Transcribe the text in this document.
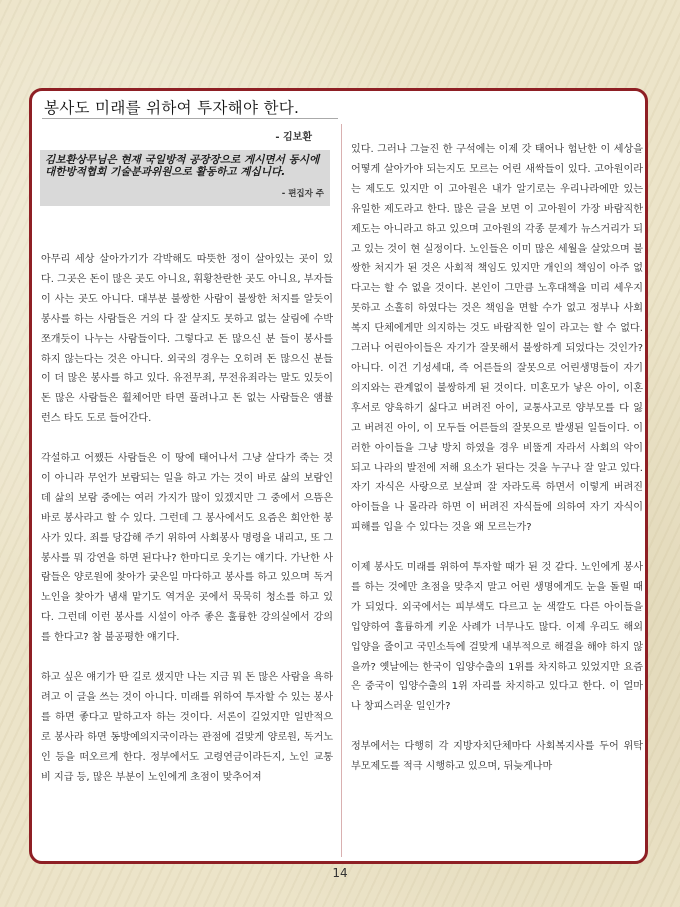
봉사도 미래를 위하여 투자해야 한다.
- 김보환
김보환상무님은 현재 국일방적 공장장으로 게시면서 동시에 대한방적협회 기술분과위원으로 활동하고 계십니다.
- 편집자 주

아무리 세상 살아가기가 각박해도 따뜻한 정이 살아있는 곳이 있다. 그곳은 돈이 많은 곳도 아니요, 휘황찬란한 곳도 아니요, 부자들이 사는 곳도 아니다. 대부분 불쌍한 사람이 불쌍한 처지를 알듯이 봉사를 하는 사람들은 거의 다 잘 살지도 못하고 없는 살림에 수박 쪼개듯이 나누는 사람들이다. 그렇다고 돈 많으신 분 들이 봉사를 하지 않는다는 것은 아니다. 외국의 경우는 오히려 돈 많으신 분들이 더 많은 봉사를 하고 있다. 유전무죄, 무전유죄라는 말도 있듯이 돈 많은 사람들은 휠체어만 타면 풀려나고 돈 없는 사람들은 앰뷸런스 타도 도로 들어간다.

각설하고 어쨌든 사람들은 이 땅에 태어나서 그냥 살다가 죽는 것이 아니라 무언가 보람되는 일을 하고 가는 것이 바로 삶의 보람인데 삶의 보람 중에는 여러 가지가 많이 있겠지만 그 중에서 으뜸은 바로 봉사라고 할 수 있다. 그런데 그 봉사에서도 요즘은 희안한 봉사가 있다. 죄를 당갑해 주기 위하여 사회봉사 명령을 내리고, 또 그 봉사를 뭐 강연을 하면 된다나? 한마디로 웃기는 얘기다. 가난한 사람들은 양로원에 찾아가 궂은일 마다하고 봉사를 하고 있으며 독거노인을 찾아가 냄새 맡기도 역겨운 곳에서 묵묵히 청소를 하고 있다. 그런데 이런 봉사를 시설이 아주 좋은 훌륭한 강의실에서 강의를 한다고? 참 불공평한 얘기다.

하고 싶은 얘기가 딴 길로 샜지만 나는 지금 뭐 돈 많은 사람을 욕하려고 이 글을 쓰는 것이 아니다. 미래를 위하여 투자할 수 있는 봉사를 하면 좋다고 말하고자 하는 것이다. 서론이 길었지만 일반적으로 봉사라 하면 동방예의지국이라는 관점에 걸맞게 양로원, 독거노인 등을 떠오르게 한다. 정부에서도 고령연금이라든지, 노인 교통비 지급 등, 많은 부분이 노인에게 초점이 맞추어져

있다. 그러나 그늘진 한 구석에는 이제 갓 태어나 험난한 이 세상을 어떻게 살아가야 되는지도 모르는 어린 새싹들이 있다. 고아원이라는 제도도 있지만 이 고아원은 내가 알기로는 우리나라에만 있는 유일한 제도라고 한다. 많은 글을 보면 이 고아원이 가장 바람직한 제도는 아니라고 하고 있으며 고아원의 각종 문제가 뉴스거리가 되고 있는 것이 현 실정이다. 노인들은 이미 많은 세월을 살았으며 불쌍한 처지가 된 것은 사회적 책임도 있지만 개인의 책임이 아주 없다고는 할 수 없을 것이다. 본인이 그만큼 노후대책을 미리 세우지 못하고 소홀히 하였다는 것은 책임을 면할 수가 없고 정부나 사회복지 단체에게만 의지하는 것도 바람직한 일이 라고는 할 수 없다. 그러나 어린아이들은 자기가 잘못해서 불쌍하게 되었다는 것인가? 아니다. 이건 기성세대, 즉 어른들의 잘못으로 어린생명들이 자기 의지와는 관계없이 불쌍하게 된 것이다. 미혼모가 낳은 아이, 이혼 후서로 양육하기 싫다고 버려진 아이, 교통사고로 양부모를 다 잃고 버려진 아이, 이 모두들 어른들의 잘못으로 발생된 일들이다. 이러한 아이들을 그냥 방치 하였을 경우 비뚤게 자라서 사회의 악이 되고 나라의 발전에 저해 요소가 된다는 것을 누구나 잘 알고 있다. 자기 자식은 사랑으로 보살펴 잘 자라도록 하면서 이렇게 버려진 아이들을 나 몰라라 하면 이 버려진 자식들에 의하여 자기 자식이 피해를 입을 수 있다는 것을 왜 모르는가?

이제 봉사도 미래를 위하여 투자할 때가 된 것 같다. 노인에게 봉사를 하는 것에만 초점을 맞추지 말고 어린 생명에게도 눈을 돌릴 때가 되었다. 외국에서는 피부색도 다르고 눈 색깔도 다른 아이들을 입양하여 훌륭하게 키운 사례가 너무나도 많다. 이제 우리도 해외입양을 줄이고 국민소득에 걸맞게 내부적으로 해결을 해야 하지 않을까? 옛날에는 한국이 입양수출의 1위를 차지하고 있었지만 요즘은 중국이 입양수출의 1위 자리를 차지하고 있다고 한다. 이 얼마나 창피스러운 일인가?

정부에서는 다행히 각 지방자치단체마다 사회복지사를 두어 위탁부모제도를 적극 시행하고 있으며, 뒤늦게나마

14
